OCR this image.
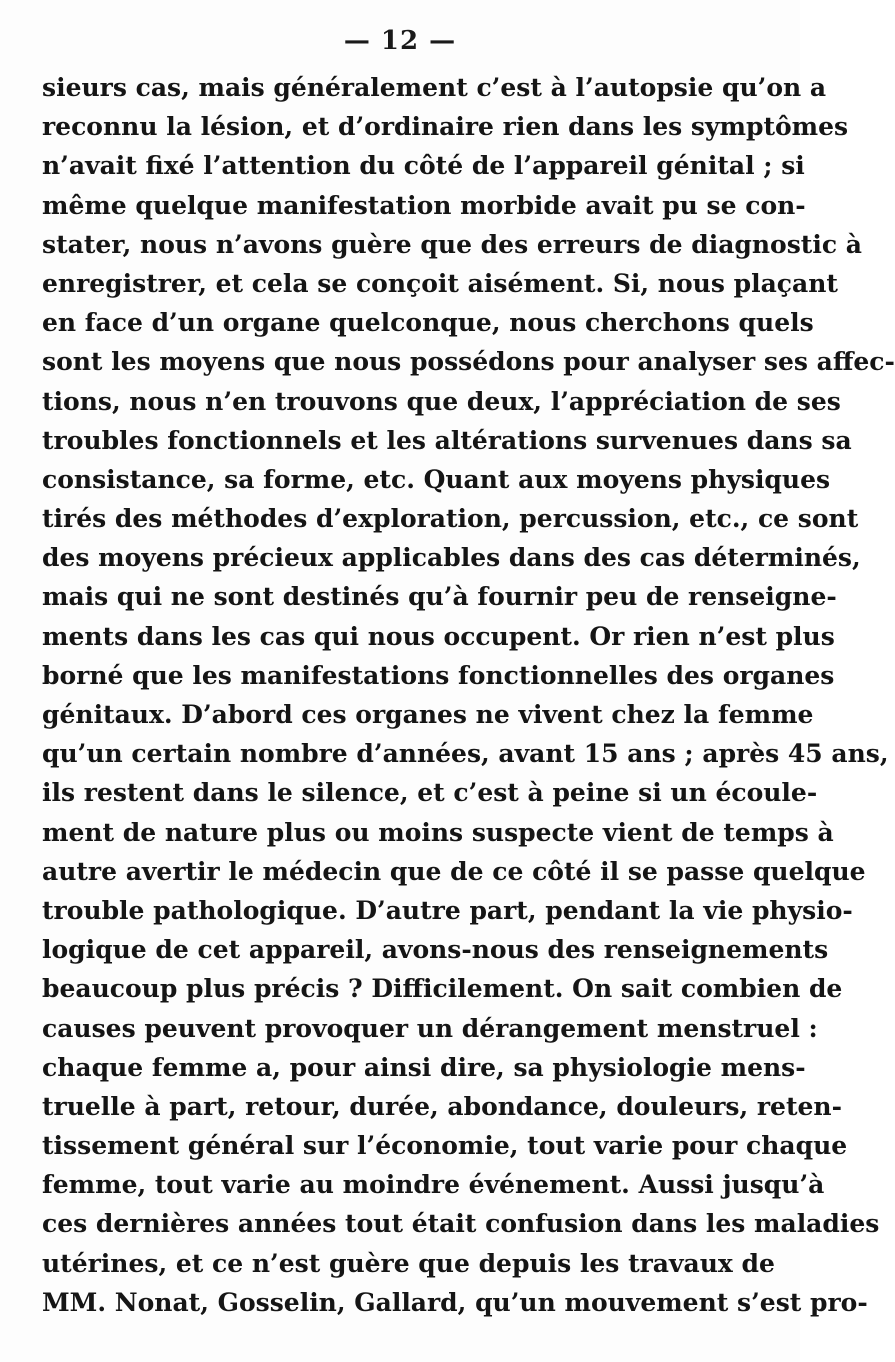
— 12 —
sieurs cas, mais généralement c’est à l’autopsie qu’on a
reconnu la lésion, et d’ordinaire rien dans les symptômes
n’avait fixé l’attention du côté de l’appareil génital ; si
même quelque manifestation morbide avait pu se con-
stater, nous n’avons guère que des erreurs de diagnostic à
enregistrer, et cela se conçoit aisément. Si, nous plaçant
en face d’un organe quelconque, nous cherchons quels
sont les moyens que nous possédons pour analyser ses affec-
tions, nous n’en trouvons que deux, l’appréciation de ses
troubles fonctionnels et les altérations survenues dans sa
consistance, sa forme, etc. Quant aux moyens physiques
tirés des méthodes d’exploration, percussion, etc., ce sont
des moyens précieux applicables dans des cas déterminés,
mais qui ne sont destinés qu’à fournir peu de renseigne-
ments dans les cas qui nous occupent. Or rien n’est plus
borné que les manifestations fonctionnelles des organes
génitaux. D’abord ces organes ne vivent chez la femme
qu’un certain nombre d’années, avant 15 ans ; après 45 ans,
ils restent dans le silence, et c’est à peine si un écoule-
ment de nature plus ou moins suspecte vient de temps à
autre avertir le médecin que de ce côté il se passe quelque
trouble pathologique. D’autre part, pendant la vie physio-
logique de cet appareil, avons-nous des renseignements
beaucoup plus précis ? Difficilement. On sait combien de
causes peuvent provoquer un dérangement menstruel :
chaque femme a, pour ainsi dire, sa physiologie mens-
truelle à part, retour, durée, abondance, douleurs, reten-
tissement général sur l’économie, tout varie pour chaque
femme, tout varie au moindre événement. Aussi jusqu’à
ces dernières années tout était confusion dans les maladies
utérines, et ce n’est guère que depuis les travaux de
MM. Nonat, Gosselin, Gallard, qu’un mouvement s’est pro-
